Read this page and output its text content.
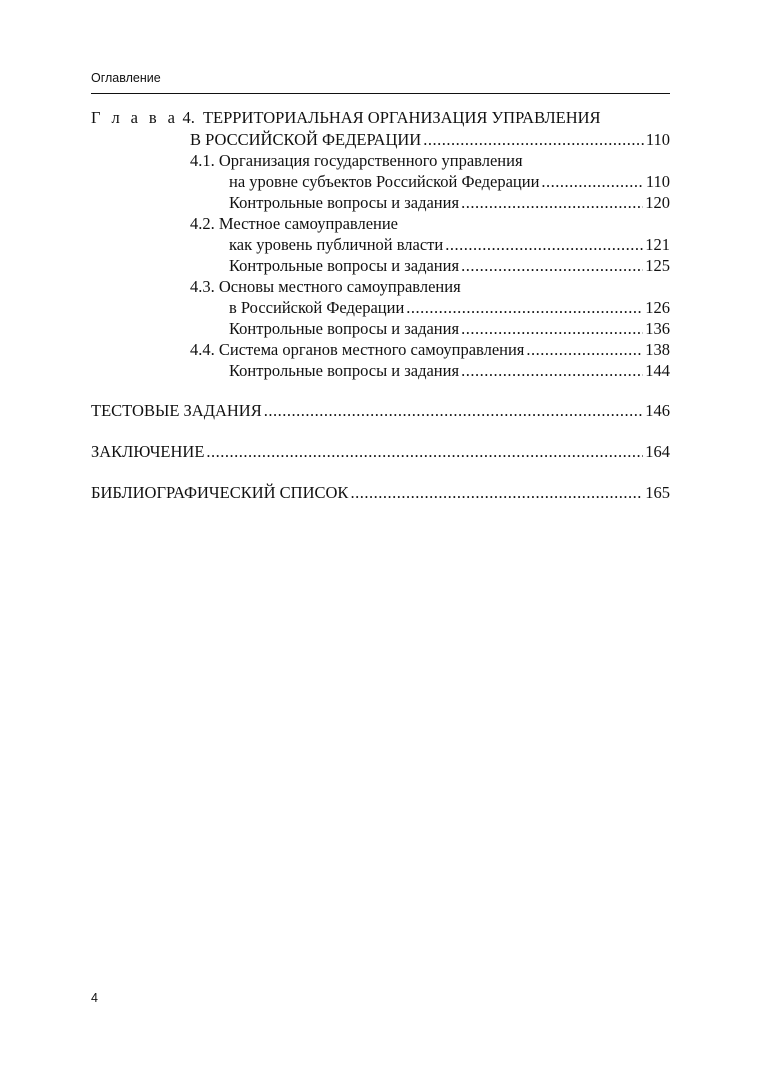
Оглавление
Г л а в а 4. ТЕРРИТОРИАЛЬНАЯ ОРГАНИЗАЦИЯ УПРАВЛЕНИЯ
В РОССИЙСКОЙ ФЕДЕРАЦИИ .....	110
4.1. Организация государственного управления
на уровне субъектов Российской Федерации .....	110
Контрольные вопросы и задания .....	120
4.2. Местное самоуправление
как уровень публичной власти .....	121
Контрольные вопросы и задания .....	125
4.3. Основы местного самоуправления
в Российской Федерации .....	126
Контрольные вопросы и задания .....	136
4.4. Система органов местного самоуправления .....	138
Контрольные вопросы и задания .....	144
ТЕСТОВЫЕ ЗАДАНИЯ .....	146
ЗАКЛЮЧЕНИЕ .....	164
БИБЛИОГРАФИЧЕСКИЙ СПИСОК .....	165
4
